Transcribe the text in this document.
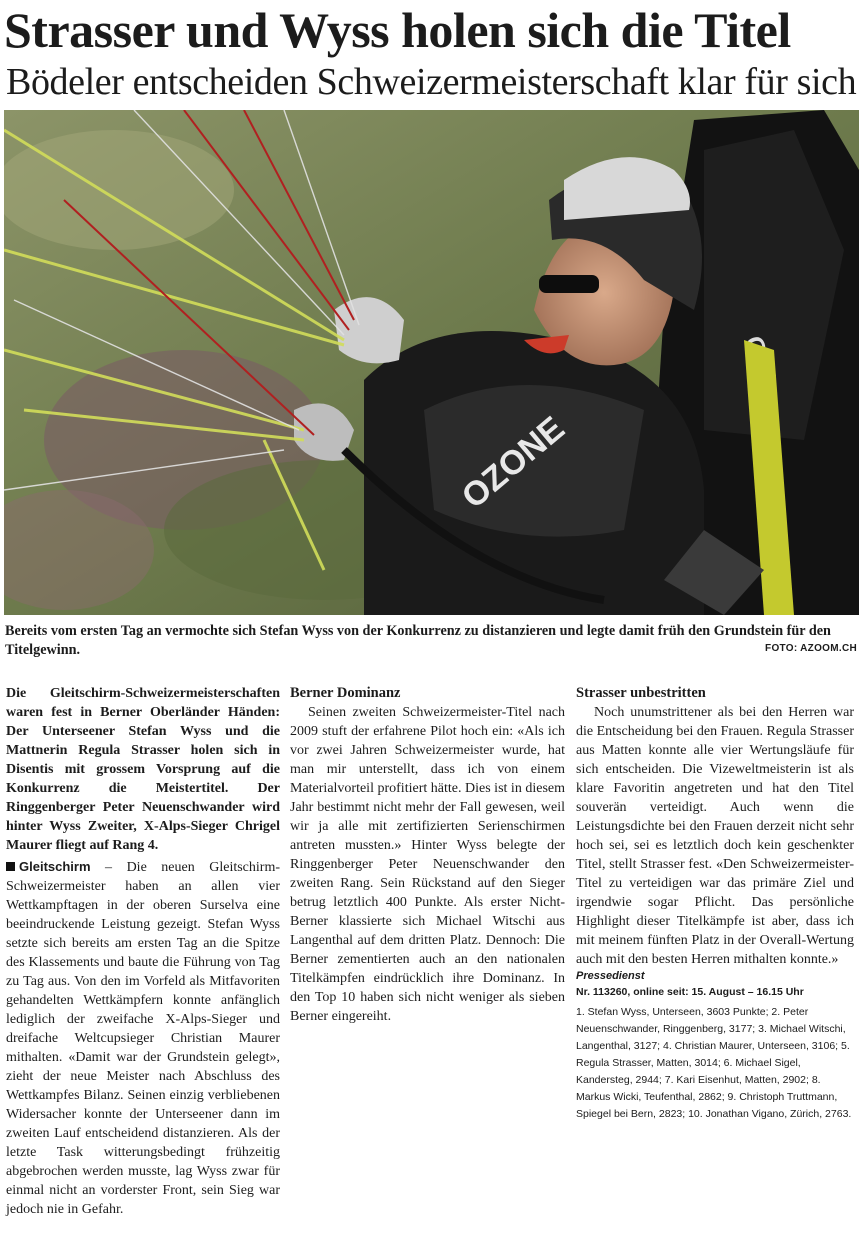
Strasser und Wyss holen sich die Titel
Bödeler entscheiden Schweizermeisterschaft klar für sich
OZONE

Bereits vom ersten Tag an vermochte sich Stefan Wyss von der Konkurrenz zu distanzieren und legte damit früh den Grundstein für den Titelgewinn.	FOTO: AZOOM.CH

Die Gleitschirm-Schweizermeisterschaften waren fest in Berner Oberländer Händen: Der Unterseener Stefan Wyss und die Mattnerin Regula Strasser holen sich in Disentis mit grossem Vorsprung auf die Konkurrenz die Meistertitel. Der Ringgenberger Peter Neuenschwander wird hinter Wyss Zweiter, X-Alps-Sieger Chrigel Maurer fliegt auf Rang 4.

Gleitschirm – Die neuen Gleitschirm-Schweizermeister haben an allen vier Wettkampftagen in der oberen Surselva eine beeindruckende Leistung gezeigt. Stefan Wyss setzte sich bereits am ersten Tag an die Spitze des Klassements und baute die Führung von Tag zu Tag aus. Von den im Vorfeld als Mitfavoriten gehandelten Wettkämpfern konnte anfänglich lediglich der zweifache X-Alps-Sieger und dreifache Weltcupsieger Christian Maurer mithalten. «Damit war der Grundstein gelegt», zieht der neue Meister nach Abschluss des Wettkampfes Bilanz. Seinen einzig verbliebenen Widersacher konnte der Unterseener dann im zweiten Lauf entscheidend distanzieren. Als der letzte Task witterungsbedingt frühzeitig abgebrochen werden musste, lag Wyss zwar für einmal nicht an vorderster Front, sein Sieg war jedoch nie in Gefahr.

Berner Dominanz

Seinen zweiten Schweizermeister-Titel nach 2009 stuft der erfahrene Pilot hoch ein: «Als ich vor zwei Jahren Schweizermeister wurde, hat man mir unterstellt, dass ich von einem Materialvorteil profitiert hätte. Dies ist in diesem Jahr bestimmt nicht mehr der Fall gewesen, weil wir ja alle mit zertifizierten Serienschirmen antreten mussten.» Hinter Wyss belegte der Ringgenberger Peter Neuenschwander den zweiten Rang. Sein Rückstand auf den Sieger betrug letztlich 400 Punkte. Als erster Nicht-Berner klassierte sich Michael Witschi aus Langenthal auf dem dritten Platz. Dennoch: Die Berner zementierten auch an den nationalen Titelkämpfen eindrücklich ihre Dominanz. In den Top 10 haben sich nicht weniger als sieben Berner eingereiht.

Strasser unbestritten

Noch unumstrittener als bei den Herren war die Entscheidung bei den Frauen. Regula Strasser aus Matten konnte alle vier Wertungsläufe für sich entscheiden. Die Vizeweltmeisterin ist als klare Favoritin angetreten und hat den Titel souverän verteidigt. Auch wenn die Leistungsdichte bei den Frauen derzeit nicht sehr hoch sei, sei es letztlich doch kein geschenkter Titel, stellt Strasser fest. «Den Schweizermeister-Titel zu verteidigen war das primäre Ziel und irgendwie sogar Pflicht. Das persönliche Highlight dieser Titelkämpfe ist aber, dass ich mit meinem fünften Platz in der Overall-Wertung auch mit den besten Herren mithalten konnte.»

Pressedienst

Nr. 113260, online seit: 15. August – 16.15 Uhr

1. Stefan Wyss, Unterseen, 3603 Punkte; 2. Peter Neuenschwander, Ringgenberg, 3177; 3. Michael Witschi, Langenthal, 3127; 4. Christian Maurer, Unterseen, 3106; 5. Regula Strasser, Matten, 3014; 6. Michael Sigel, Kandersteg, 2944; 7. Kari Eisenhut, Matten, 2902; 8. Markus Wicki, Teufenthal, 2862; 9. Christoph Truttmann, Spiegel bei Bern, 2823; 10. Jonathan Vigano, Zürich, 2763.
